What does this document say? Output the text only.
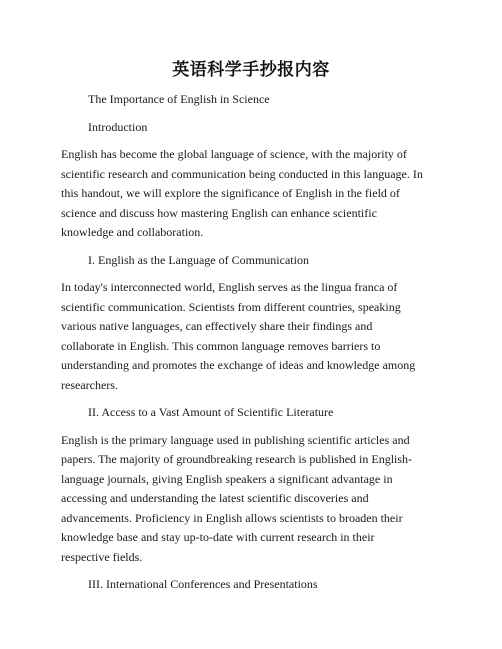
英语科学手抄报内容

The Importance of English in Science

Introduction

English has become the global language of science, with the majority of scientific research and communication being conducted in this language. In this handout, we will explore the significance of English in the field of science and discuss how mastering English can enhance scientific knowledge and collaboration.

I. English as the Language of Communication

In today's interconnected world, English serves as the lingua franca of scientific communication. Scientists from different countries, speaking various native languages, can effectively share their findings and collaborate in English. This common language removes barriers to understanding and promotes the exchange of ideas and knowledge among researchers.

II. Access to a Vast Amount of Scientific Literature

English is the primary language used in publishing scientific articles and papers. The majority of groundbreaking research is published in English-language journals, giving English speakers a significant advantage in accessing and understanding the latest scientific discoveries and advancements. Proficiency in English allows scientists to broaden their knowledge base and stay up-to-date with current research in their respective fields.

III. International Conferences and Presentations
